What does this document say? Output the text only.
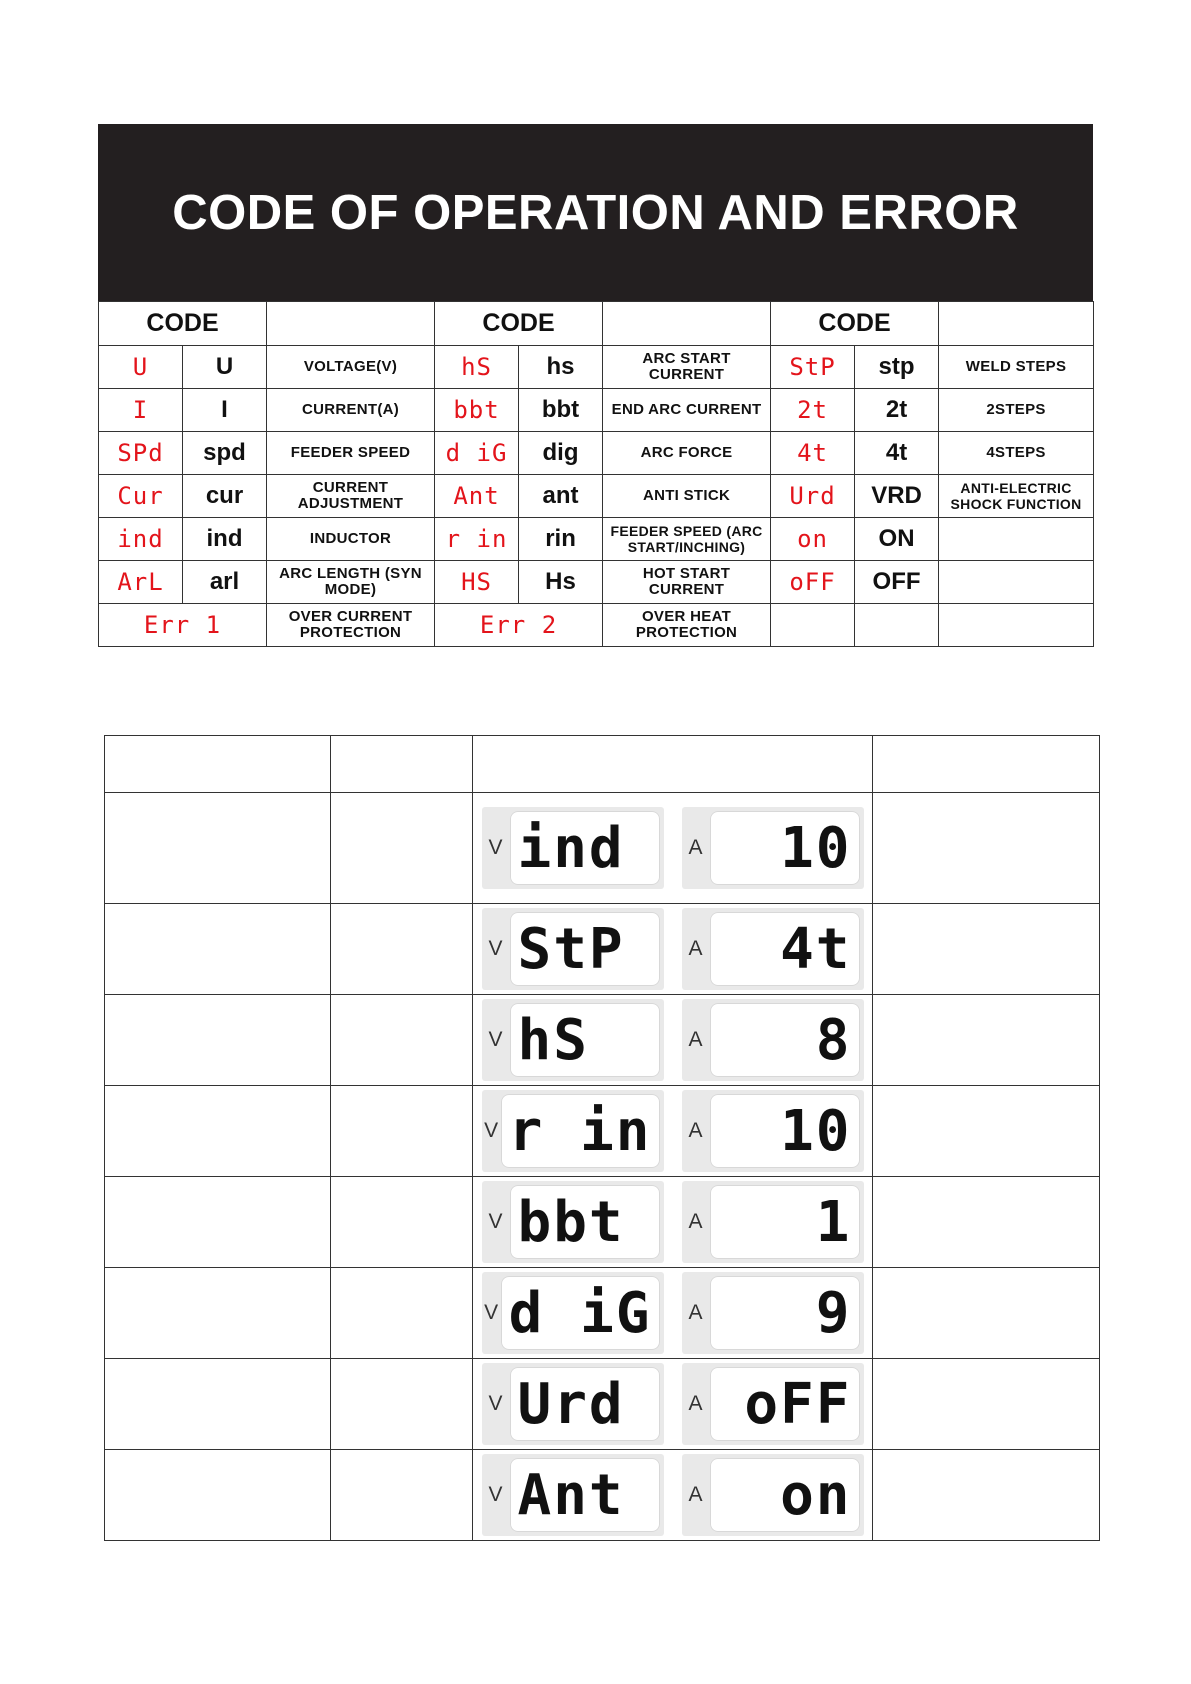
CODE OF OPERATION AND ERROR
CODE			CODE			CODE		
U	U	VOLTAGE(V)	hS	hs	ARC START CURRENT	StP	stp	WELD STEPS
I	I	CURRENT(A)	bbt	bbt	END ARC CURRENT	2t	2t	2STEPS
SPd	spd	FEEDER SPEED	d iG	dig	ARC FORCE	4t	4t	4STEPS
Cur	cur	CURRENT ADJUSTMENT	Ant	ant	ANTI STICK	Urd	VRD	ANTI-ELECTRIC SHOCK FUNCTION
ind	ind	INDUCTOR	r in	rin	FEEDER SPEED (ARC START/INCHING)	on	ON	
ArL	arl	ARC LENGTH (SYN MODE)	HS	Hs	HOT START CURRENT	oFF	OFF	
Err 1		OVER CURRENT PROTECTION	Err 2		OVER HEAT PROTECTION			

		V ind A 10	

		V StP A 4t	

		V hS A 8	

		V r in A 10	

		V bbt A 1	

		V d iG A 9	

		V Urd A oFF	

		V Ant A on	
